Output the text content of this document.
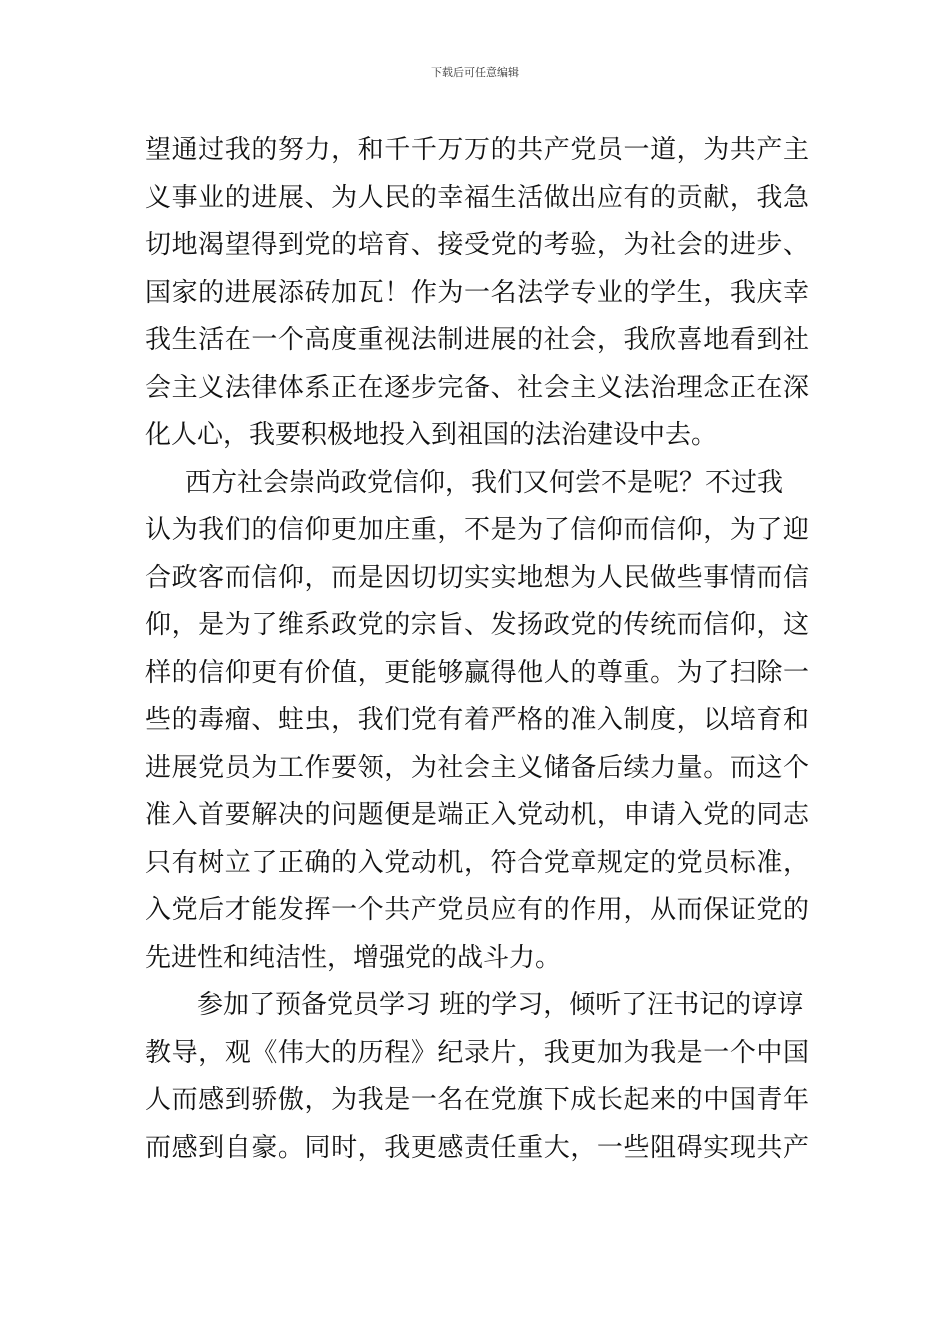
下载后可任意编辑
望通过我的努力，和千千万万的共产党员一道，为共产主
义事业的进展、为人民的幸福生活做出应有的贡献，我急
切地渴望得到党的培育、接受党的考验，为社会的进步、
国家的进展添砖加瓦！作为一名法学专业的学生，我庆幸
我生活在一个高度重视法制进展的社会，我欣喜地看到社
会主义法律体系正在逐步完备、社会主义法治理念正在深
化人心，我要积极地投入到祖国的法治建设中去。
西方社会崇尚政党信仰，我们又何尝不是呢？不过我
认为我们的信仰更加庄重，不是为了信仰而信仰，为了迎
合政客而信仰，而是因切切实实地想为人民做些事情而信
仰，是为了维系政党的宗旨、发扬政党的传统而信仰，这
样的信仰更有价值，更能够赢得他人的尊重。为了扫除一
些的毒瘤、蛀虫，我们党有着严格的准入制度，以培育和
进展党员为工作要领，为社会主义储备后续力量。而这个
准入首要解决的问题便是端正入党动机，申请入党的同志
只有树立了正确的入党动机，符合党章规定的党员标准，
入党后才能发挥一个共产党员应有的作用，从而保证党的
先进性和纯洁性，增强党的战斗力。
参加了预备党员学习 班的学习，倾听了汪书记的谆谆
教导，观《伟大的历程》纪录片，我更加为我是一个中国
人而感到骄傲，为我是一名在党旗下成长起来的中国青年
而感到自豪。同时，我更感责任重大，一些阻碍实现共产
